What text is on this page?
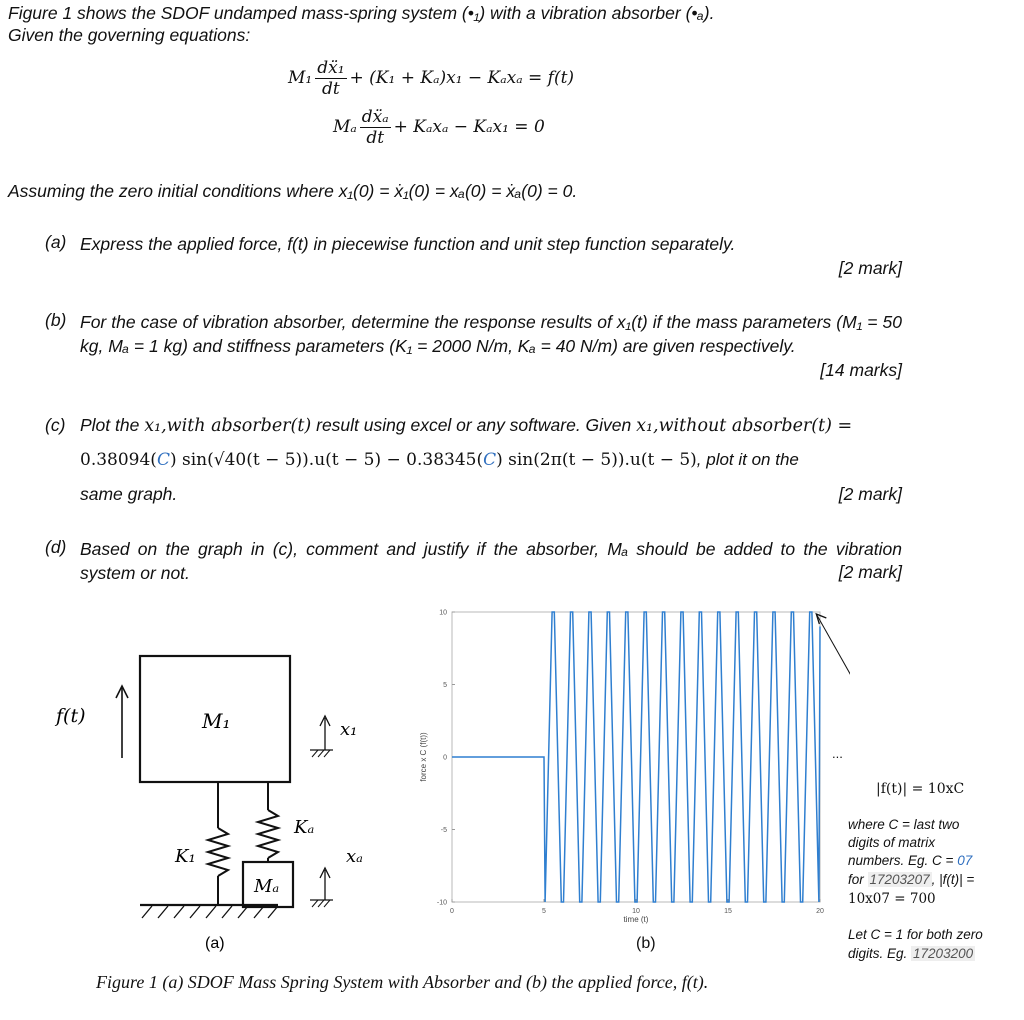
Figure 1 shows the SDOF undamped mass-spring system (•₁) with a vibration absorber (•ₐ).
Given the governing equations:
$M_1 \frac{\text{dẍ₁}}{dt} + (K_1 + K_a)x_1 - K_ax_a = f(t)$
Mₐ $\frac{\text{dẍₐ}}{dt} + K_ax_a - K_ax_1 = 0$
Assuming the zero initial conditions where x₁(0) = ẋ₁(0) = xₐ(0) = ẋₐ(0) = 0.
(a) Express the applied force, f(t) in piecewise function and unit step function separately.
[2 mark]
(b) For the case of vibration absorber, determine the response results of x₁(t) if the mass parameters (M₁ = 50 kg, Mₐ = 1 kg) and stiffness parameters (K₁ = 2000 N/m, Kₐ = 40 N/m) are given respectively.
[14 marks]
(c) Plot the x₁,with absorber(t) result using excel or any software. Given x₁,without absorber(t) =
0.38094(C) sin(√40(t − 5)).u(t − 5) − 0.38345(C) sin(2π(t − 5)).u(t − 5), plot it on the
same graph.	[2 mark]
(d) Based on the graph in (c), comment and justify if the absorber, Mₐ should be added to the vibration system or not.	[2 mark]
f(t)	M₁	x₁
Kₐ
xₐ
K₁
Mₐ
(a)
0	5	10	15	20
-10
-5
0
5
10
time (t)
force x C (f(t))	...
(b)
|f(t)| = 10xC
where C = last two
digits of matrix
numbers. Eg. C = 07
for 17203207 , |f(t)| =
10x07 = 700
Let C = 1 for both zero
digits. Eg. 17203200
Figure 1 (a) SDOF Mass Spring System with Absorber and (b) the applied force, f(t).
